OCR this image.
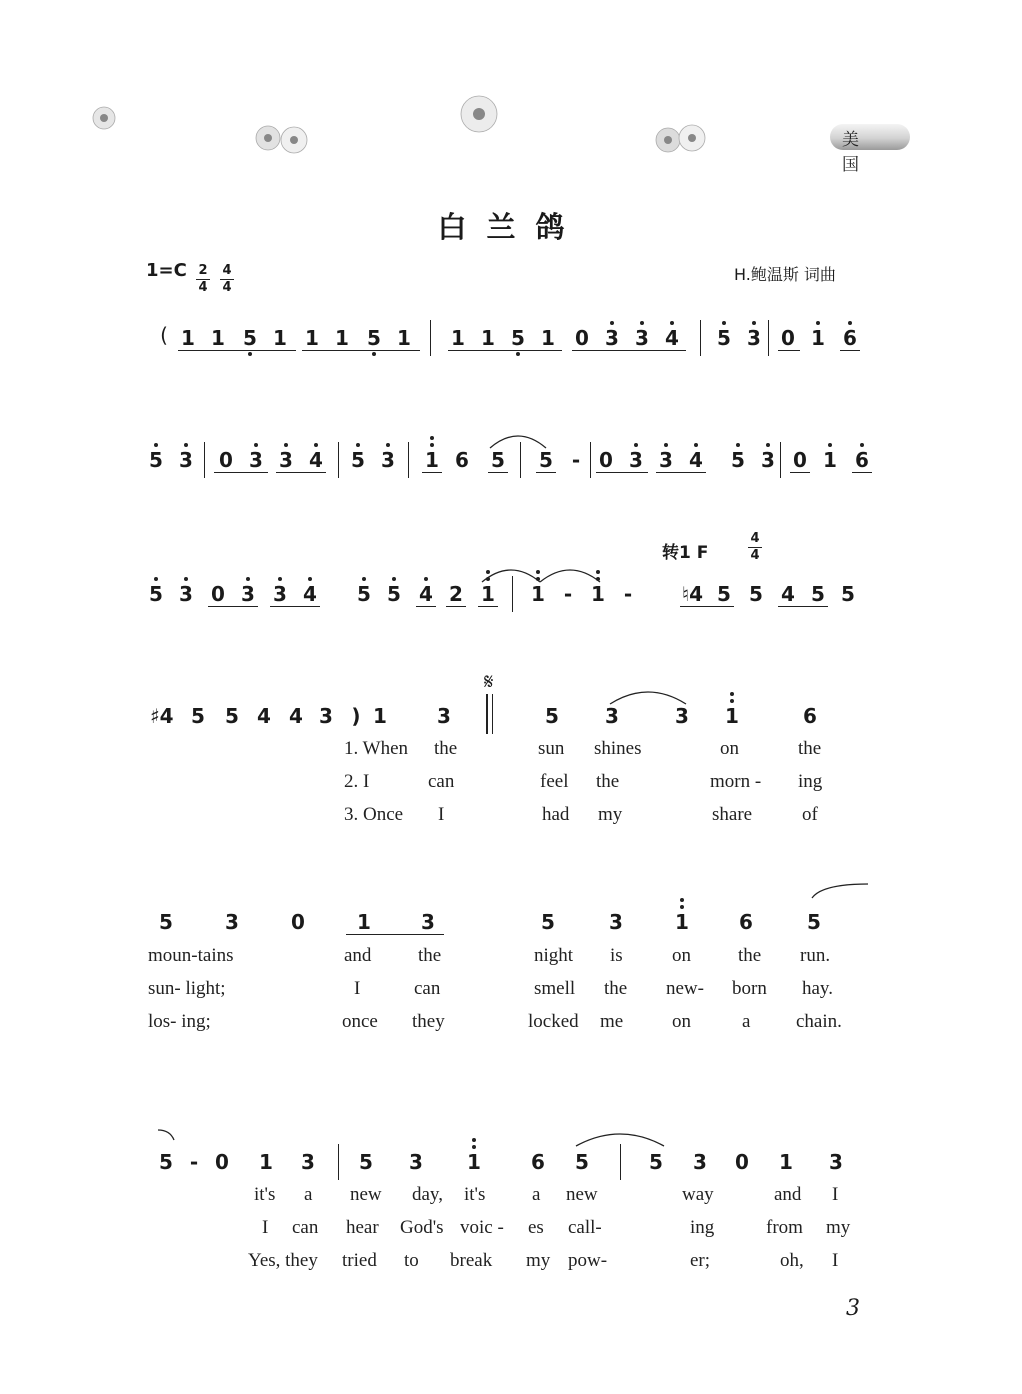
美 国
白兰鸽
1=C 2
4
4
4
H.鲍温斯 词曲
( 1 1 5 1 1 1 5 1 1 1 5 1 0 3 3 4 5 3 0 1 6
5 3 0 3 3 4 5 3 1 6 5 5 - 0 3 3 4 5 3 0 1 6
5 3 0 3 3 4 5 5 4 2 1 1 - 1 - ♮4 5 5 4 5 5
♯4 5 5 4 4 3 ) 1	3	5 3	3 1	6
5	3	0	1	3	5	3	1	6	5
5 - 0 1 3 5 3 1	6 5	5 3 0 1 3
转1 F
4
4
𝄋
1. When the	sun shines	on	the
2. I	can	feel the	morn - ing
3. Once I	had my	share	of
moun-tains	and the	night is	on the run.
sun- light;	I	can	smell the new- born hay.
los- ing;	once they	locked me	on	a chain.
it's a new day, it's a new	way	and I
I can hear God's voic - es call-	ing	from my
Yes, they tried to break my pow-	er;	oh, I
3
